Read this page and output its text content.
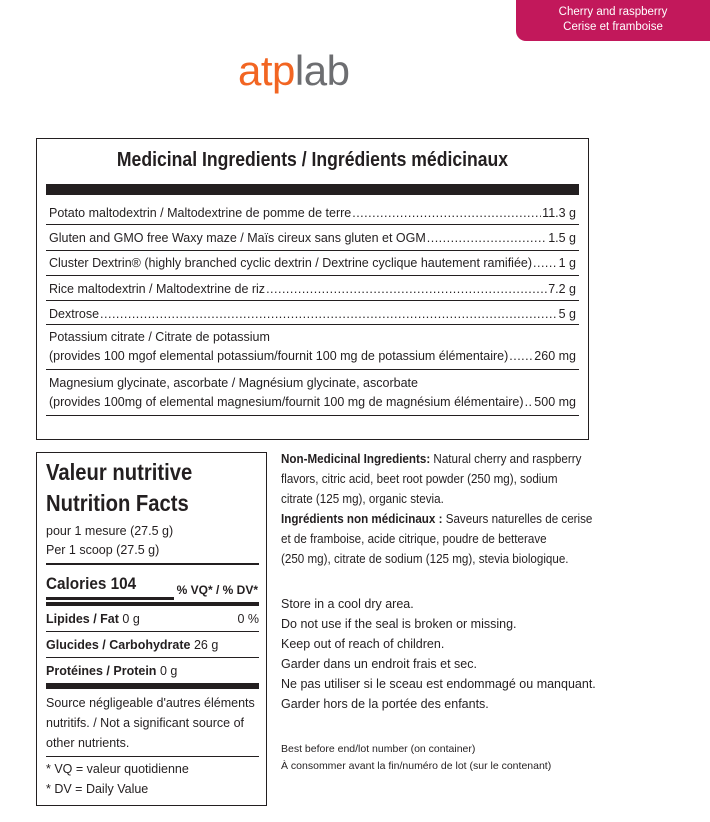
Cherry and raspberry
Cerise et framboise
atplab
Medicinal Ingredients / Ingrédients médicinaux
Potato maltodextrin / Maltodextrine de pomme de terre .....	11.3 g
Gluten and GMO free Waxy maze / Maïs cireux sans gluten et OGM .....	1.5 g
Cluster Dextrin® (highly branched cyclic dextrin / Dextrine cyclique hautement ramifiée) ..... 1 g
Rice maltodextrin / Maltodextrine de riz .....	7.2 g
Dextrose .....	5 g
Potassium citrate / Citrate de potassium
(provides 100 mgof elemental potassium/fournit 100 mg de potassium élémentaire) ..... 260 mg
Magnesium glycinate, ascorbate / Magnésium glycinate, ascorbate
(provides 100mg of elemental magnesium/fournit 100 mg de magnésium élémentaire) ..... 500 mg
Valeur nutritive
Nutrition Facts
pour 1 mesure (27.5 g)
Per 1 scoop (27.5 g)
Calories 104	% VQ* / % DV*
Lipides / Fat 0 g	0 %
Glucides / Carbohydrate 26 g
Protéines / Protein 0 g
Source négligeable d'autres éléments
nutritifs. / Not a significant source of
other nutrients.
* VQ = valeur quotidienne
* DV = Daily Value
Non-Medicinal Ingredients: Natural cherry and raspberry
flavors, citric acid, beet root powder (250 mg), sodium
citrate (125 mg), organic stevia.
Ingrédients non médicinaux : Saveurs naturelles de cerise
et de framboise, acide citrique, poudre de betterave
(250 mg), citrate de sodium (125 mg), stevia biologique.
Store in a cool dry area.
Do not use if the seal is broken or missing.
Keep out of reach of children.
Garder dans un endroit frais et sec.
Ne pas utiliser si le sceau est endommagé ou manquant.
Garder hors de la portée des enfants.
Best before end/lot number (on container)
À consommer avant la fin/numéro de lot (sur le contenant)
